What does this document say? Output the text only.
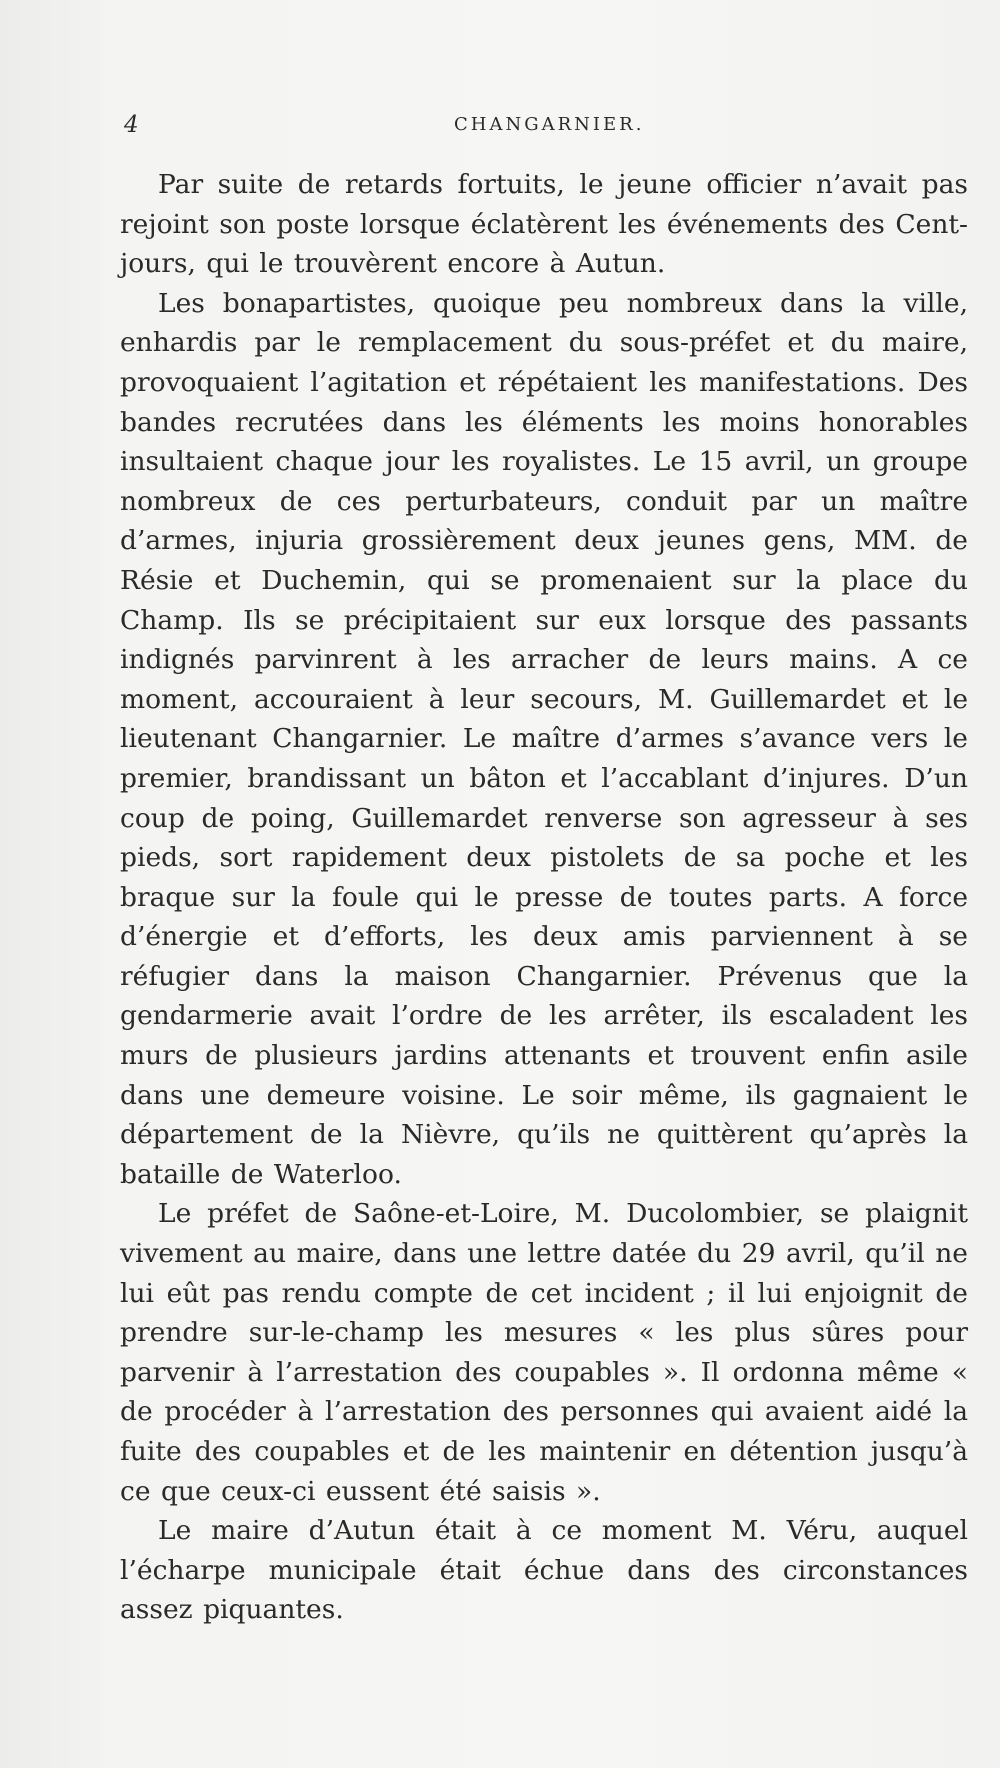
4	CHANGARNIER.

Par suite de retards fortuits, le jeune officier n’avait pas rejoint son poste lorsque éclatèrent les événements des Cent-jours, qui le trouvèrent encore à Autun.

Les bonapartistes, quoique peu nombreux dans la ville, enhardis par le remplacement du sous-préfet et du maire, provoquaient l’agitation et répétaient les manifestations. Des bandes recrutées dans les éléments les moins honorables insultaient chaque jour les royalistes. Le 15 avril, un groupe nombreux de ces perturbateurs, conduit par un maître d’armes, injuria grossièrement deux jeunes gens, MM. de Résie et Duchemin, qui se promenaient sur la place du Champ. Ils se précipitaient sur eux lorsque des passants indignés parvinrent à les arracher de leurs mains. A ce moment, accouraient à leur secours, M. Guillemardet et le lieutenant Changarnier. Le maître d’armes s’avance vers le premier, brandissant un bâton et l’accablant d’injures. D’un coup de poing, Guillemardet renverse son agresseur à ses pieds, sort rapidement deux pistolets de sa poche et les braque sur la foule qui le presse de toutes parts. A force d’énergie et d’efforts, les deux amis parviennent à se réfugier dans la maison Changarnier. Prévenus que la gendarmerie avait l’ordre de les arrêter, ils escaladent les murs de plusieurs jardins attenants et trouvent enfin asile dans une demeure voisine. Le soir même, ils gagnaient le département de la Nièvre, qu’ils ne quittèrent qu’après la bataille de Waterloo.

Le préfet de Saône-et-Loire, M. Ducolombier, se plaignit vivement au maire, dans une lettre datée du 29 avril, qu’il ne lui eût pas rendu compte de cet incident ; il lui enjoignit de prendre sur-le-champ les mesures « les plus sûres pour parvenir à l’arrestation des coupables ». Il ordonna même « de procéder à l’arrestation des personnes qui avaient aidé la fuite des coupables et de les maintenir en détention jusqu’à ce que ceux-ci eussent été saisis ».

Le maire d’Autun était à ce moment M. Véru, auquel l’écharpe municipale était échue dans des circonstances assez piquantes.
